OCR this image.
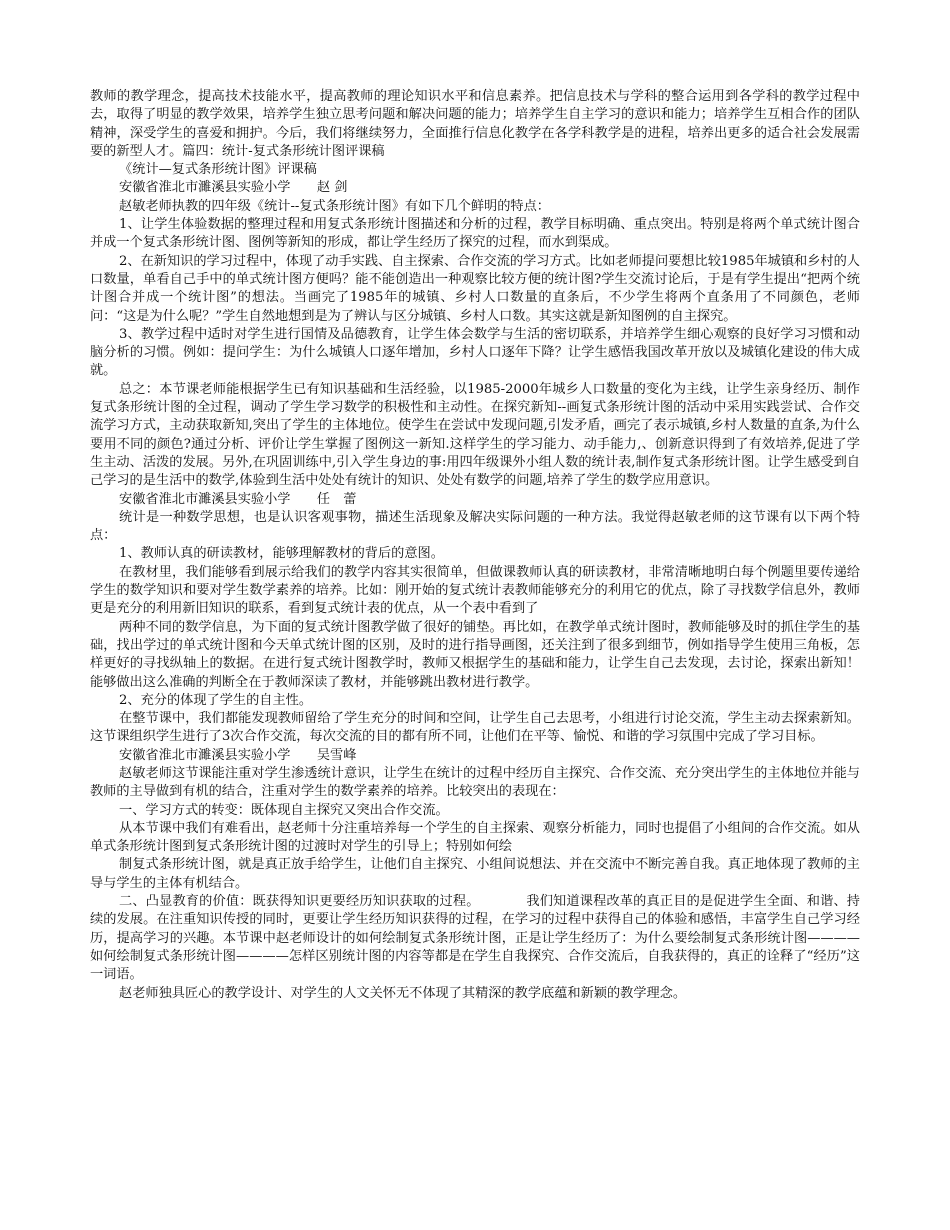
教师的教学理念，提高技术技能水平，提高教师的理论知识水平和信息素养。把信息技术与学科的整合运用到各学科的教学过程中去，取得了明显的教学效果，培养学生独立思考问题和解决问题的能力；培养学生自主学习的意识和能力；培养学生互相合作的团队精神，深受学生的喜爱和拥护。今后，我们将继续努力，全面推行信息化教学在各学科教学是的进程，培养出更多的适合社会发展需要的新型人才。篇四：统计-复式条形统计图评课稿

《统计—复式条形统计图》评课稿

安徽省淮北市濉溪县实验小学　　赵 剑

赵敏老师执教的四年级《统计--复式条形统计图》有如下几个鲜明的特点：

1、让学生体验数据的整理过程和用复式条形统计图描述和分析的过程，教学目标明确、重点突出。特别是将两个单式统计图合并成一个复式条形统计图、图例等新知的形成，都让学生经历了探究的过程，而水到渠成。

2、在新知识的学习过程中，体现了动手实践、自主探索、合作交流的学习方式。比如老师提问要想比较1985年城镇和乡村的人口数量，单看自己手中的单式统计图方便吗？能不能创造出一种观察比较方便的统计图?学生交流讨论后，于是有学生提出“把两个统计图合并成一个统计图”的想法。当画完了1985年的城镇、乡村人口数量的直条后，不少学生将两个直条用了不同颜色，老师问：“这是为什么呢？”学生自然地想到是为了辨认与区分城镇、乡村人口数。其实这就是新知图例的自主探究。

3、教学过程中适时对学生进行国情及品德教育，让学生体会数学与生活的密切联系，并培养学生细心观察的良好学习习惯和动脑分析的习惯。例如：提问学生：为什么城镇人口逐年增加，乡村人口逐年下降？让学生感悟我国改革开放以及城镇化建设的伟大成就。

总之：本节课老师能根据学生已有知识基础和生活经验，以1985-2000年城乡人口数量的变化为主线，让学生亲身经历、制作复式条形统计图的全过程，调动了学生学习数学的积极性和主动性。在探究新知--画复式条形统计图的活动中采用实践尝试、合作交流学习方式，主动获取新知,突出了学生的主体地位。使学生在尝试中发现问题,引发矛盾，画完了表示城镇,乡村人数量的直条,为什么要用不同的颜色?通过分析、评价让学生掌握了图例这一新知.这样学生的学习能力、动手能力,、创新意识得到了有效培养,促进了学生主动、活泼的发展。另外,在巩固训练中,引入学生身边的事:用四年级课外小组人数的统计表,制作复式条形统计图。让学生感受到自己学习的是生活中的数学,体验到生活中处处有统计的知识、处处有数学的问题,培养了学生的数学应用意识。

安徽省淮北市濉溪县实验小学　　任　蕾

统计是一种数学思想，也是认识客观事物，描述生活现象及解决实际问题的一种方法。我觉得赵敏老师的这节课有以下两个特点：

1、教师认真的研读教材，能够理解教材的背后的意图。

在教材里，我们能够看到展示给我们的教学内容其实很简单，但做课教师认真的研读教材，非常清晰地明白每个例题里要传递给学生的数学知识和要对学生数学素养的培养。比如：刚开始的复式统计表教师能够充分的利用它的优点，除了寻找数学信息外，教师更是充分的利用新旧知识的联系，看到复式统计表的优点，从一个表中看到了

两种不同的数学信息，为下面的复式统计图教学做了很好的铺垫。再比如，在教学单式统计图时，教师能够及时的抓住学生的基础，找出学过的单式统计图和今天单式统计图的区别，及时的进行指导画图，还关注到了很多到细节，例如指导学生使用三角板，怎样更好的寻找纵轴上的数据。在进行复式统计图教学时，教师又根据学生的基础和能力，让学生自己去发现，去讨论，探索出新知！能够做出这么准确的判断全在于教师深读了教材，并能够跳出教材进行教学。

2、充分的体现了学生的自主性。

在整节课中，我们都能发现教师留给了学生充分的时间和空间，让学生自己去思考，小组进行讨论交流，学生主动去探索新知。这节课组织学生进行了3次合作交流，每次交流的目的都有所不同，让他们在平等、愉悦、和谐的学习氛围中完成了学习目标。

安徽省淮北市濉溪县实验小学　　吴雪峰

赵敏老师这节课能注重对学生渗透统计意识，让学生在统计的过程中经历自主探究、合作交流、充分突出学生的主体地位并能与教师的主导做到有机的结合，注重对学生的数学素养的培养。比较突出的表现在：

一、学习方式的转变：既体现自主探究又突出合作交流。

从本节课中我们有难看出，赵老师十分注重培养每一个学生的自主探索、观察分析能力，同时也提倡了小组间的合作交流。如从单式条形统计图到复式条形统计图的过渡时对学生的引导上；特别如何绘

制复式条形统计图，就是真正放手给学生，让他们自主探究、小组间说想法、并在交流中不断完善自我。真正地体现了教师的主导与学生的主体有机结合。

二、凸显教育的价值：既获得知识更要经历知识获取的过程。　　　　我们知道课程改革的真正目的是促进学生全面、和谐、持续的发展。在注重知识传授的同时，更要让学生经历知识获得的过程，在学习的过程中获得自己的体验和感悟，丰富学生自己学习经历，提高学习的兴趣。本节课中赵老师设计的如何绘制复式条形统计图，正是让学生经历了：为什么要绘制复式条形统计图————如何绘制复式条形统计图————怎样区别统计图的内容等都是在学生自我探究、合作交流后，自我获得的，真正的诠释了“经历”这一词语。

赵老师独具匠心的教学设计、对学生的人文关怀无不体现了其精深的教学底蕴和新颖的教学理念。
